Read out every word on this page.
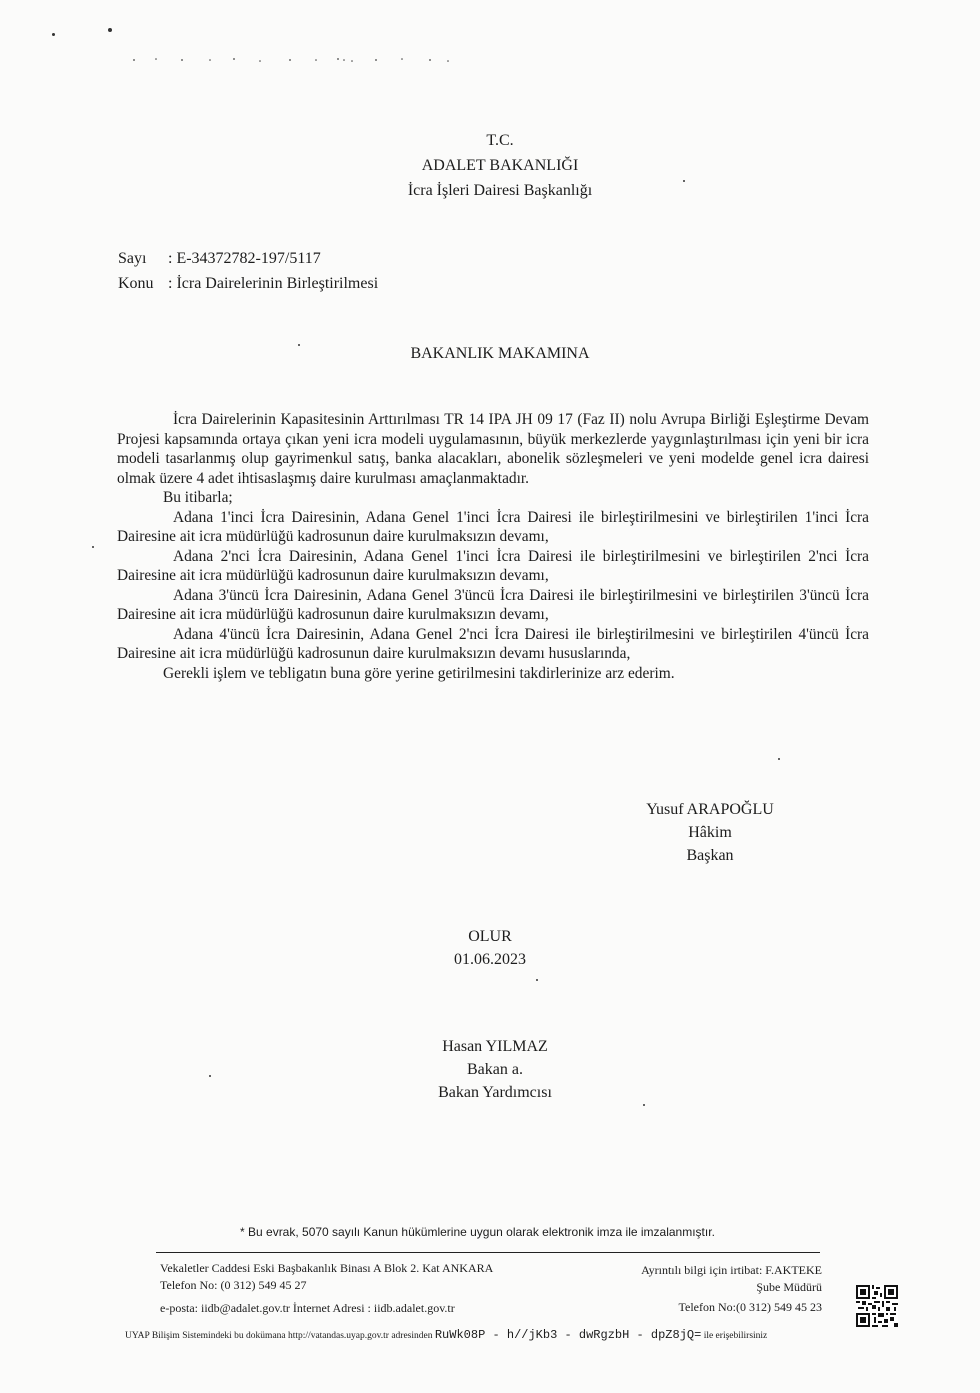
T.C.
ADALET BAKANLIĞI
İcra İşleri Dairesi Başkanlığı
Sayı : E-34372782-197/5117
Konu : İcra Dairelerinin Birleştirilmesi
BAKANLIK MAKAMINA

İcra Dairelerinin Kapasitesinin Arttırılması TR 14 IPA JH 09 17 (Faz II) nolu Avrupa Birliği Eşleştirme Devam Projesi kapsamında ortaya çıkan yeni icra modeli uygulamasının, büyük merkezlerde yaygınlaştırılması için yeni bir icra modeli tasarlanmış olup gayrimenkul satış, banka alacakları, abonelik sözleşmeleri ve yeni modelde genel icra dairesi olmak üzere 4 adet ihtisaslaşmış daire kurulması amaçlanmaktadır.

Bu itibarla;

Adana 1'inci İcra Dairesinin, Adana Genel 1'inci İcra Dairesi ile birleştirilmesini ve birleştirilen 1'inci İcra Dairesine ait icra müdürlüğü kadrosunun daire kurulmaksızın devamı,

Adana 2'nci İcra Dairesinin, Adana Genel 1'inci İcra Dairesi ile birleştirilmesini ve birleştirilen 2'nci İcra Dairesine ait icra müdürlüğü kadrosunun daire kurulmaksızın devamı,

Adana 3'üncü İcra Dairesinin, Adana Genel 3'üncü İcra Dairesi ile birleştirilmesini ve birleştirilen 3'üncü İcra Dairesine ait icra müdürlüğü kadrosunun daire kurulmaksızın devamı,

Adana 4'üncü İcra Dairesinin, Adana Genel 2'nci İcra Dairesi ile birleştirilmesini ve birleştirilen 4'üncü İcra Dairesine ait icra müdürlüğü kadrosunun daire kurulmaksızın devamı hususlarında,

Gerekli işlem ve tebligatın buna göre yerine getirilmesini takdirlerinize arz ederim.

Yusuf ARAPOĞLU
Hâkim
Başkan
OLUR
01.06.2023
Hasan YILMAZ
Bakan a.
Bakan Yardımcısı
* Bu evrak, 5070 sayılı Kanun hükümlerine uygun olarak elektronik imza ile imzalanmıştır.
Vekaletler Caddesi Eski Başbakanlık Binası A Blok 2. Kat ANKARA
Telefon No: (0 312) 549 45 27
e-posta: iidb@adalet.gov.tr İnternet Adresi : iidb.adalet.gov.tr
Ayrıntılı bilgi için irtibat: F.AKTEKE
Şube Müdürü
Telefon No:(0 312) 549 45 23
UYAP Bilişim Sistemindeki bu dokümana http://vatandas.uyap.gov.tr adresinden RuWk08P - h//jKb3 - dwRgzbH - dpZ8jQ= ile erişebilirsiniz
